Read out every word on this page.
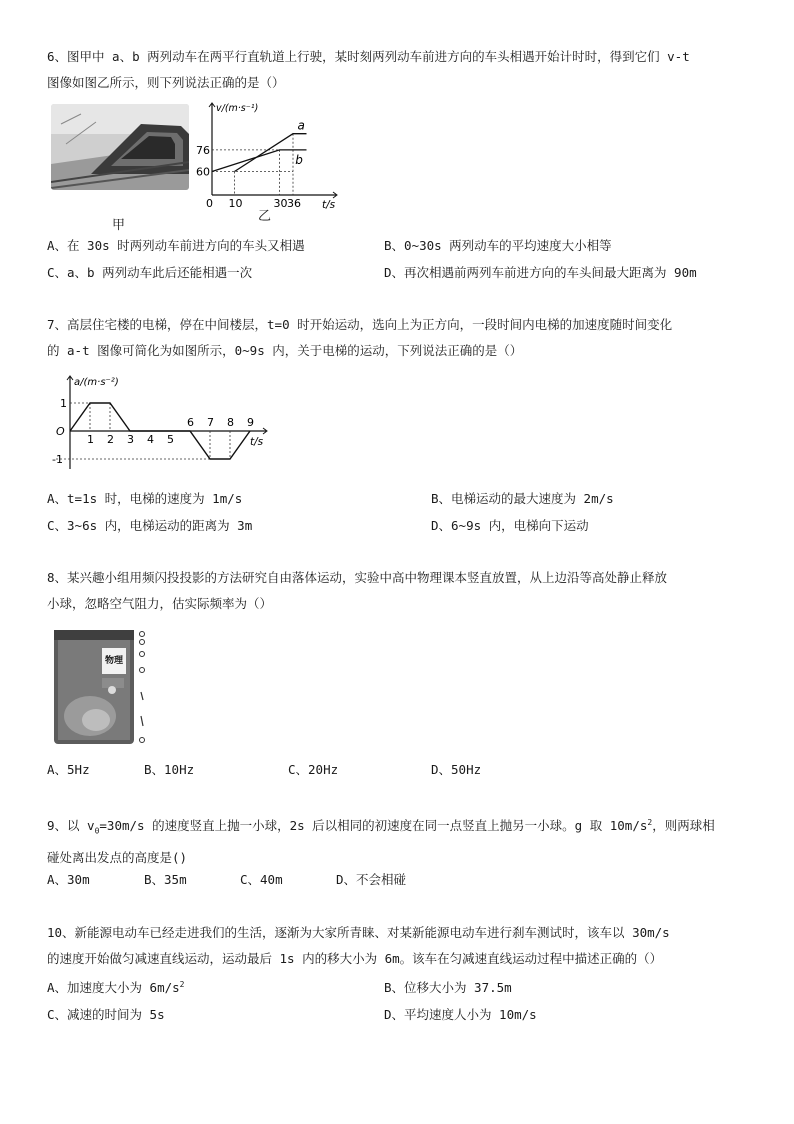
6、图甲中 a、b 两列动车在两平行直轨道上行驶，某时刻两列动车前进方向的车头相遇开始计时时，得到它们 v-t
图像如图乙所示，则下列说法正确的是（）
甲
10	30 36
60
76
a
b
0
v/(m·s⁻¹)
t/s
乙
A、在 30s 时两列动车前进方向的车头又相遇	B、0~30s 两列动车的平均速度大小相等
C、a、b 两列动车此后还能相遇一次	D、再次相遇前两列车前进方向的车头间最大距离为 90m
7、高层住宅楼的电梯，停在中间楼层，t=0 时开始运动，选向上为正方向，一段时间内电梯的加速度随时间变化
的 a-t 图像可简化为如图所示，0~9s 内，关于电梯的运动，下列说法正确的是（）
1 2 3 4 5
6 7 8 9
1
-1
O
a/(m·s⁻²)
t/s
A、t=1s 时，电梯的速度为 1m/s	B、电梯运动的最大速度为 2m/s
C、3~6s 内，电梯运动的距离为 3m	D、6~9s 内，电梯向下运动
8、某兴趣小组用频闪投投影的方法研究自由落体运动，实验中高中物理课本竖直放置，从上边沿等高处静止释放
小球，忽略空气阻力，估实际频率为（）
物理
A、5Hz	B、10Hz	C、20Hz	D、50Hz
9、以 $v_0=30m/s$ 的速度竖直上抛一小球，2s 后以相同的初速度在同一点竖直上抛另一小球。g 取 $10m/s^2$，则两球相
碰处离出发点的高度是()
A、30m	B、35m	C、40m	D、不会相碰
10、新能源电动车已经走进我们的生活，逐渐为大家所青睐、对某新能源电动车进行刹车测试时，该车以 30m/s
的速度开始做匀减速直线运动，运动最后 1s 内的移大小为 6m。该车在匀减速直线运动过程中描述正确的（）
A、加速度大小为 $6m/s^2$	B、位移大小为 37.5m
C、减速的时间为 5s	D、平均速度人小为 10m/s
